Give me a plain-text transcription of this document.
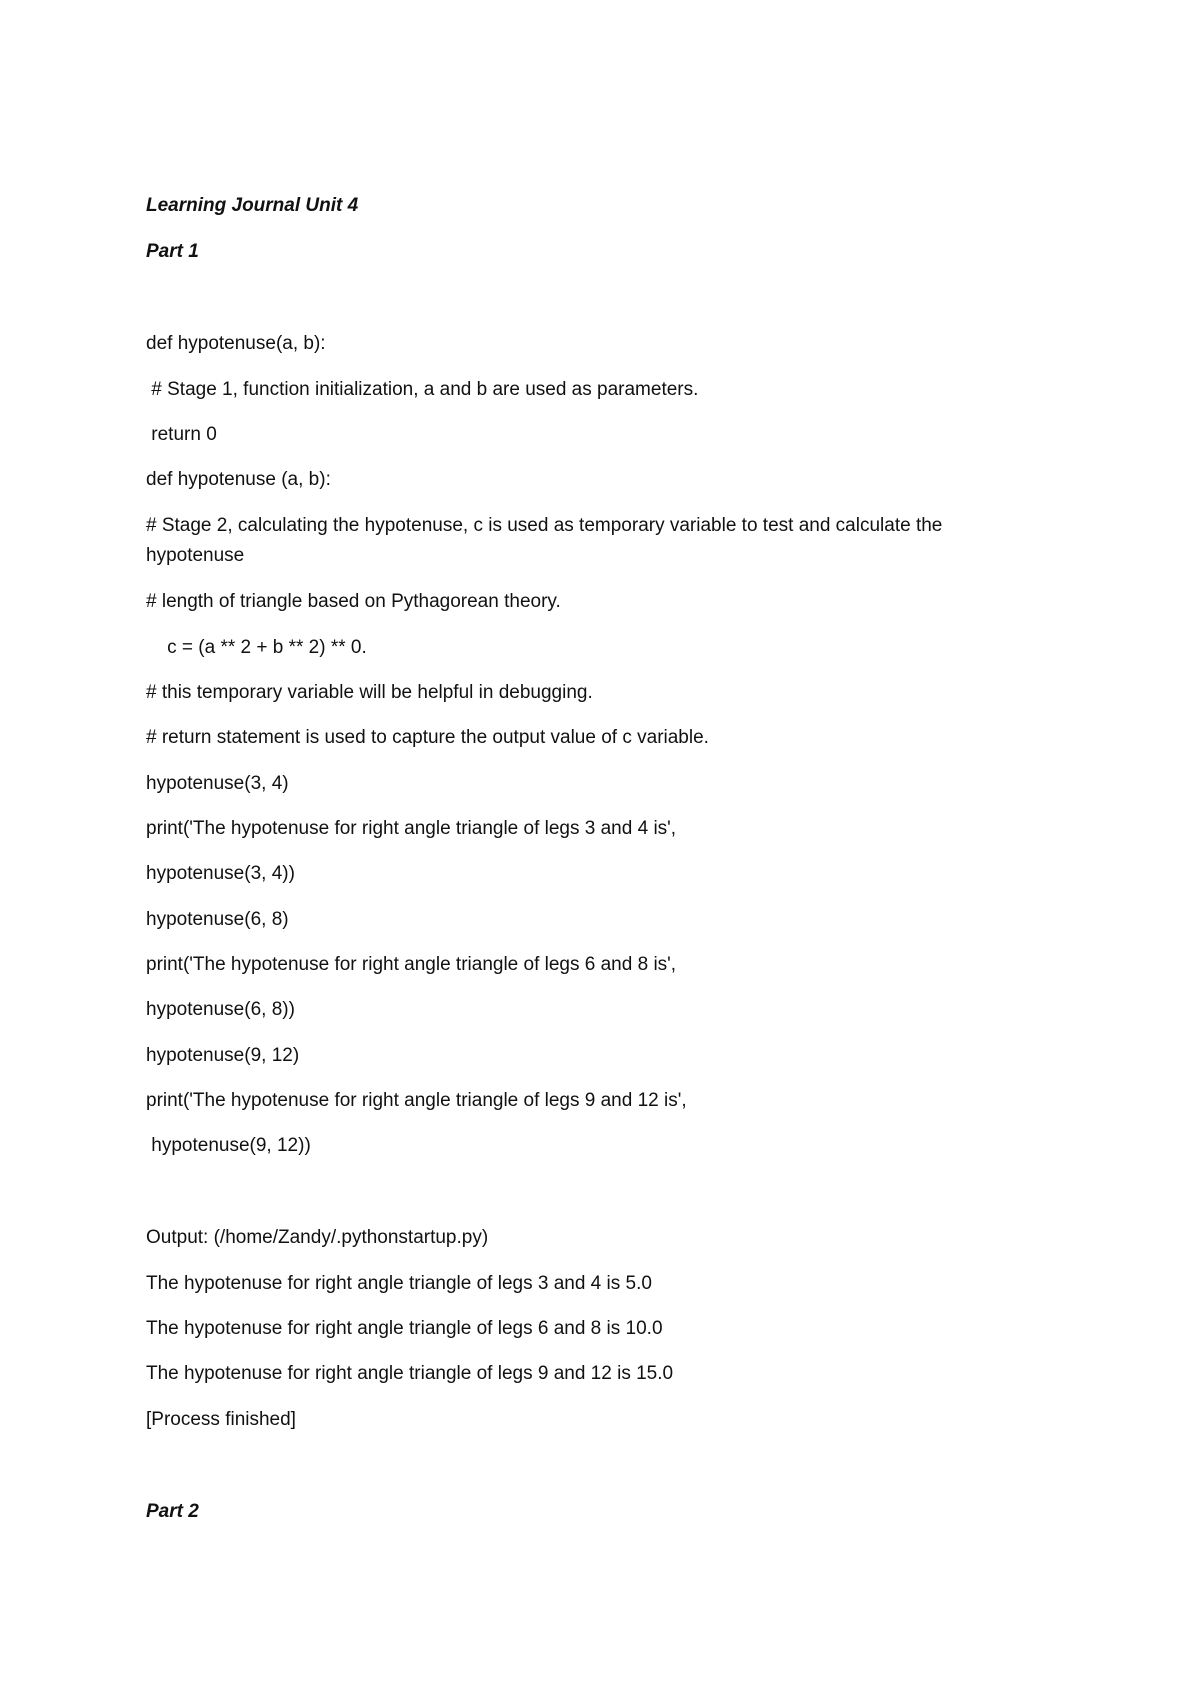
Learning Journal Unit 4
Part 1
def hypotenuse(a, b):
# Stage 1, function initialization, a and b are used as parameters.
return 0
def hypotenuse (a, b):
# Stage 2, calculating the hypotenuse, c is used as temporary variable to test and calculate the hypotenuse
# length of triangle based on Pythagorean theory.
c = (a ** 2 + b ** 2) ** 0.
# this temporary variable will be helpful in debugging.
# return statement is used to capture the output value of c variable.
hypotenuse(3, 4)
print('The hypotenuse for right angle triangle of legs 3 and 4 is',
hypotenuse(3, 4))
hypotenuse(6, 8)
print('The hypotenuse for right angle triangle of legs 6 and 8 is',
hypotenuse(6, 8))
hypotenuse(9, 12)
print('The hypotenuse for right angle triangle of legs 9 and 12 is',
hypotenuse(9, 12))
Output: (/home/Zandy/.pythonstartup.py)
The hypotenuse for right angle triangle of legs 3 and 4 is 5.0
The hypotenuse for right angle triangle of legs 6 and 8 is 10.0
The hypotenuse for right angle triangle of legs 9 and 12 is 15.0
[Process finished]
Part 2
